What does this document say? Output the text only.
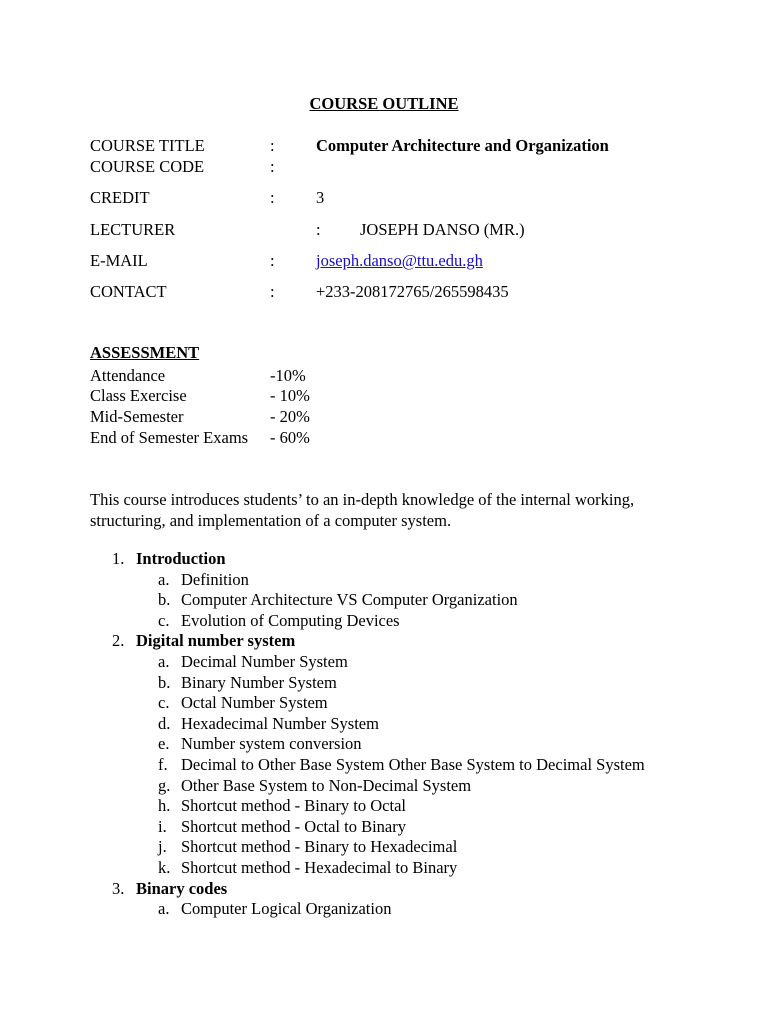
COURSE OUTLINE
COURSE TITLE	:	Computer Architecture and Organization
COURSE CODE	:
CREDIT	:	3
LECTURER	: JOSEPH DANSO (MR.)
E-MAIL	:	joseph.danso@ttu.edu.gh
CONTACT	:	+233-208172765/265598435
ASSESSMENT
Attendance	-10%
Class Exercise	- 10%
Mid-Semester	- 20%
End of Semester Exams - 60%
This course introduces students’ to an in-depth knowledge of the internal working, structuring, and implementation of a computer system.
1. Introduction
a. Definition
b. Computer Architecture VS Computer Organization
c. Evolution of Computing Devices
2. Digital number system
a. Decimal Number System
b. Binary Number System
c. Octal Number System
d. Hexadecimal Number System
e. Number system conversion
f. Decimal to Other Base System Other Base System to Decimal System
g. Other Base System to Non-Decimal System
h. Shortcut method - Binary to Octal
i. Shortcut method - Octal to Binary
j. Shortcut method - Binary to Hexadecimal
k. Shortcut method - Hexadecimal to Binary
3. Binary codes
a. Computer Logical Organization
